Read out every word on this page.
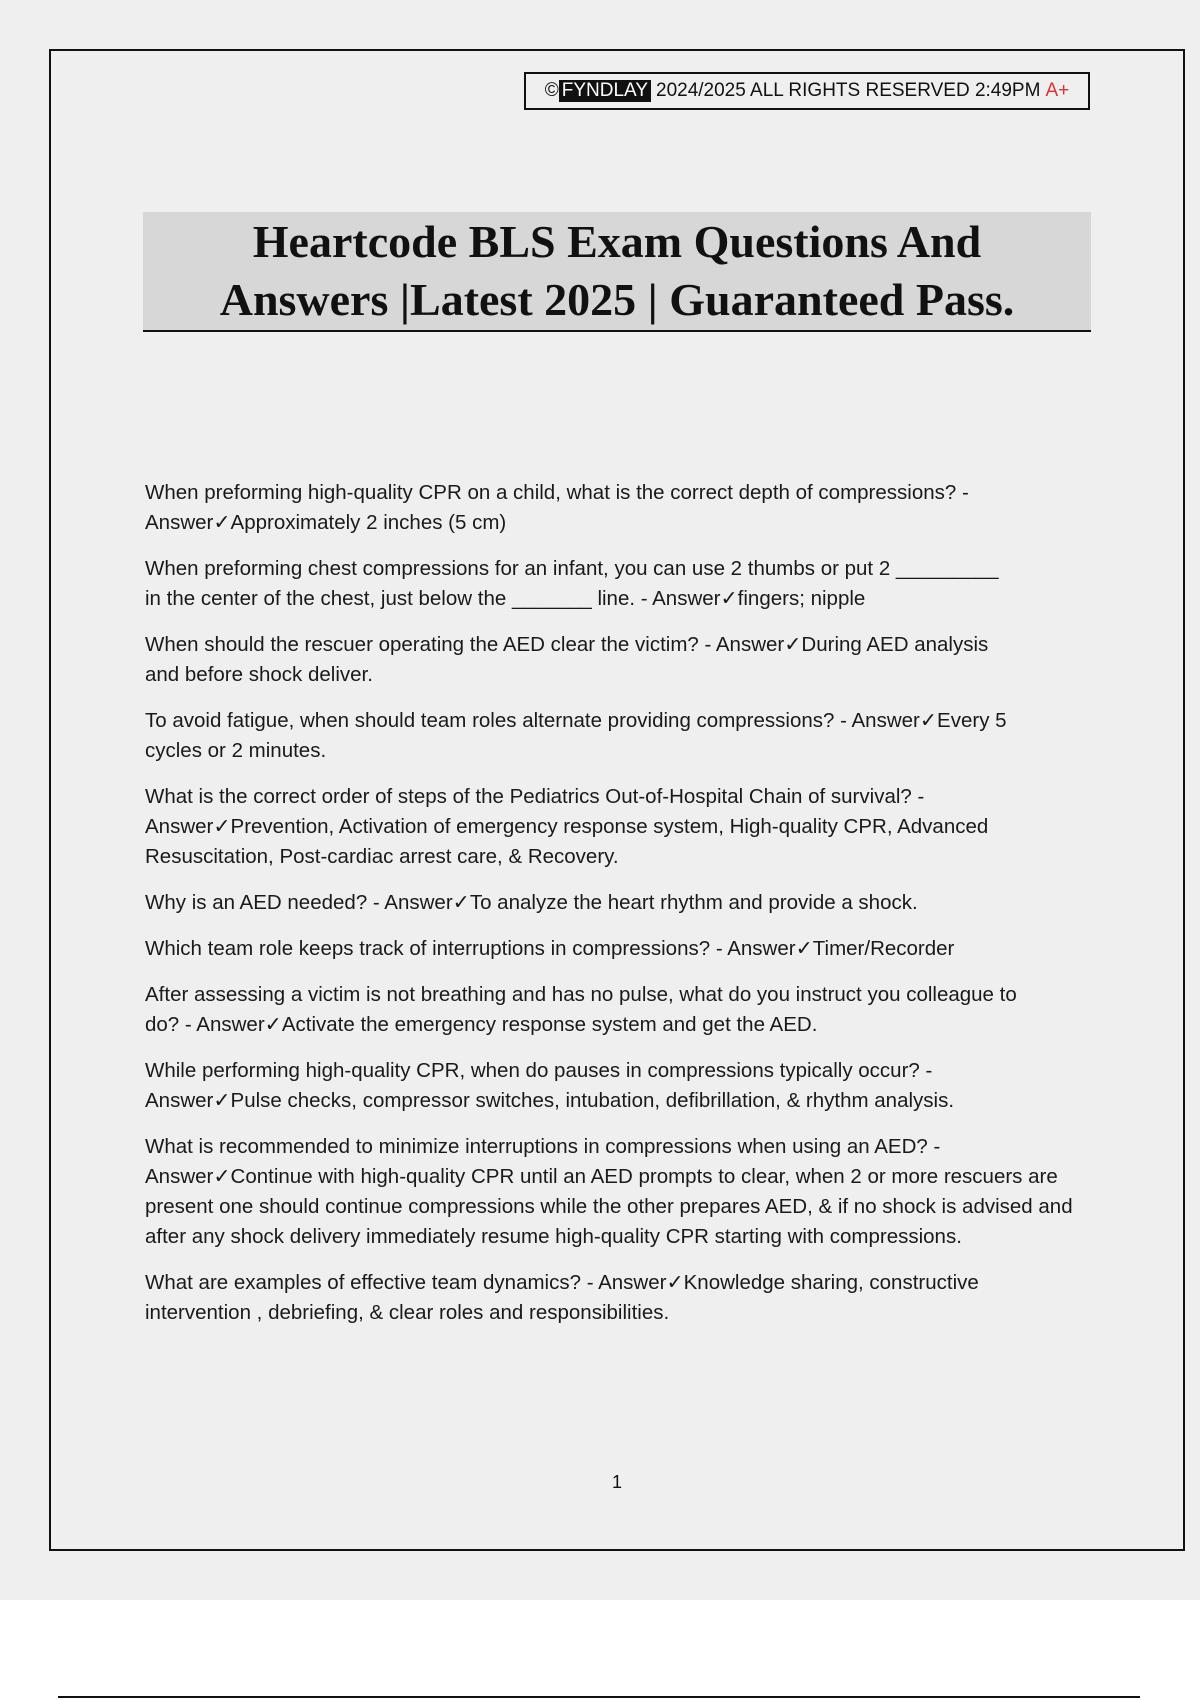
© FYNDLAY 2024/2025 ALL RIGHTS RESERVED 2:49PM A+
Heartcode BLS Exam Questions And
Answers |Latest 2025 | Guaranteed Pass.

When preforming high-quality CPR on a child, what is the correct depth of compressions? -
Answer✓Approximately 2 inches (5 cm)

When preforming chest compressions for an infant, you can use 2 thumbs or put 2 _________
in the center of the chest, just below the _______ line. - Answer✓fingers; nipple

When should the rescuer operating the AED clear the victim? - Answer✓During AED analysis
and before shock deliver.

To avoid fatigue, when should team roles alternate providing compressions? - Answer✓Every 5
cycles or 2 minutes.

What is the correct order of steps of the Pediatrics Out-of-Hospital Chain of survival? -
Answer✓Prevention, Activation of emergency response system, High-quality CPR, Advanced Resuscitation, Post-cardiac arrest care, & Recovery.

Why is an AED needed? - Answer✓To analyze the heart rhythm and provide a shock.

Which team role keeps track of interruptions in compressions? - Answer✓Timer/Recorder

After assessing a victim is not breathing and has no pulse, what do you instruct you colleague to
do? - Answer✓Activate the emergency response system and get the AED.

While performing high-quality CPR, when do pauses in compressions typically occur? -
Answer✓Pulse checks, compressor switches, intubation, defibrillation, & rhythm analysis.

What is recommended to minimize interruptions in compressions when using an AED? -
Answer✓Continue with high-quality CPR until an AED prompts to clear, when 2 or more rescuers are present one should continue compressions while the other prepares AED, & if no shock is advised and after any shock delivery immediately resume high-quality CPR starting with compressions.

What are examples of effective team dynamics? - Answer✓Knowledge sharing, constructive
intervention , debriefing, & clear roles and responsibilities.

1
